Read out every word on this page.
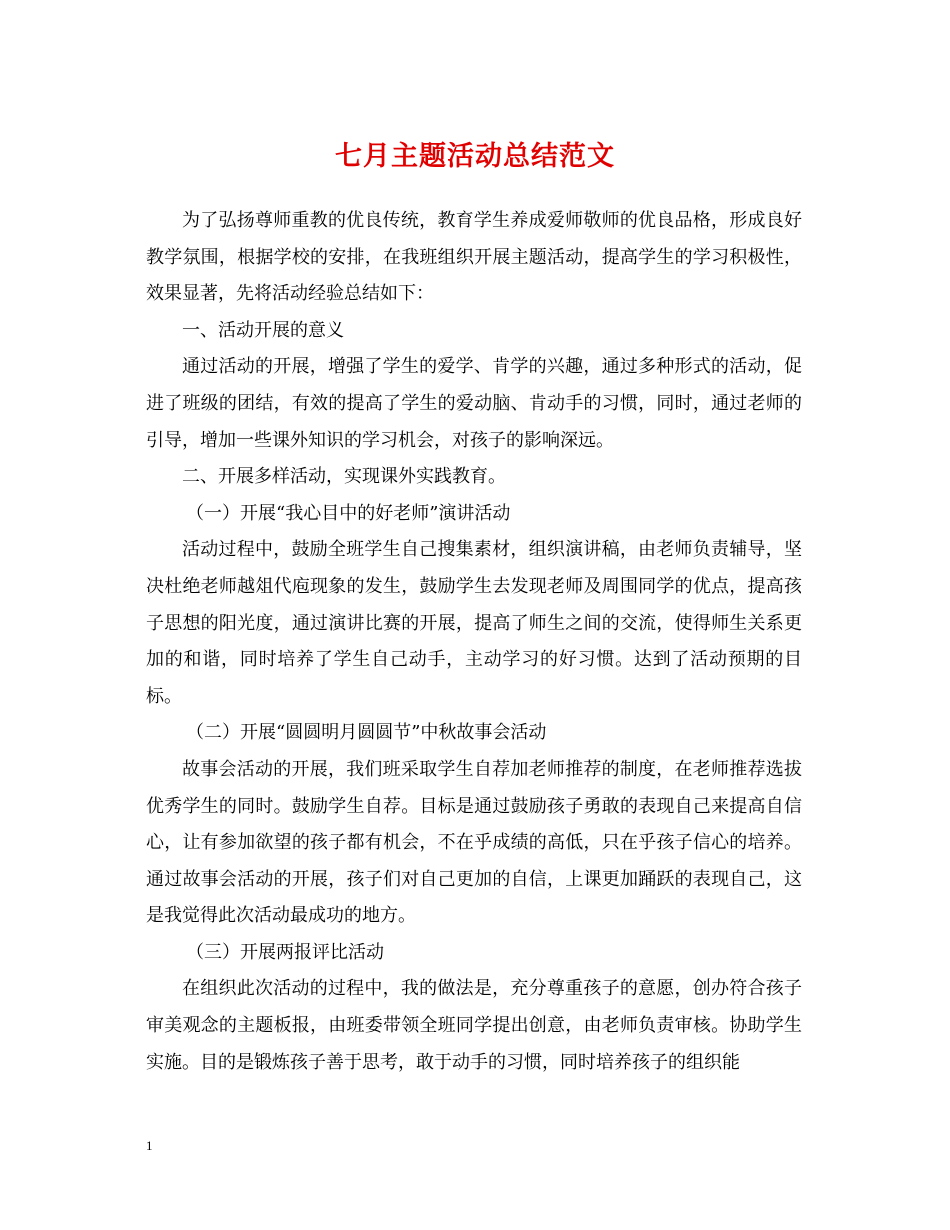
七月主题活动总结范文

为了弘扬尊师重教的优良传统，教育学生养成爱师敬师的优良品格，形成良好教学氛围，根据学校的安排，在我班组织开展主题活动，提高学生的学习积极性，效果显著，先将活动经验总结如下：

一、活动开展的意义

通过活动的开展，增强了学生的爱学、肯学的兴趣，通过多种形式的活动，促进了班级的团结，有效的提高了学生的爱动脑、肯动手的习惯，同时，通过老师的引导，增加一些课外知识的学习机会，对孩子的影响深远。

二、开展多样活动，实现课外实践教育。

（一）开展“我心目中的好老师”演讲活动

活动过程中，鼓励全班学生自己搜集素材，组织演讲稿，由老师负责辅导，坚决杜绝老师越俎代庖现象的发生，鼓励学生去发现老师及周围同学的优点，提高孩子思想的阳光度，通过演讲比赛的开展，提高了师生之间的交流，使得师生关系更加的和谐，同时培养了学生自己动手，主动学习的好习惯。达到了活动预期的目标。

（二）开展“圆圆明月圆圆节”中秋故事会活动

故事会活动的开展，我们班采取学生自荐加老师推荐的制度，在老师推荐选拔优秀学生的同时。鼓励学生自荐。目标是通过鼓励孩子勇敢的表现自己来提高自信心，让有参加欲望的孩子都有机会，不在乎成绩的高低，只在乎孩子信心的培养。通过故事会活动的开展，孩子们对自己更加的自信，上课更加踊跃的表现自己，这是我觉得此次活动最成功的地方。

（三）开展两报评比活动

在组织此次活动的过程中，我的做法是，充分尊重孩子的意愿，创办符合孩子审美观念的主题板报，由班委带领全班同学提出创意，由老师负责审核。协助学生实施。目的是锻炼孩子善于思考，敢于动手的习惯，同时培养孩子的组织能

1
